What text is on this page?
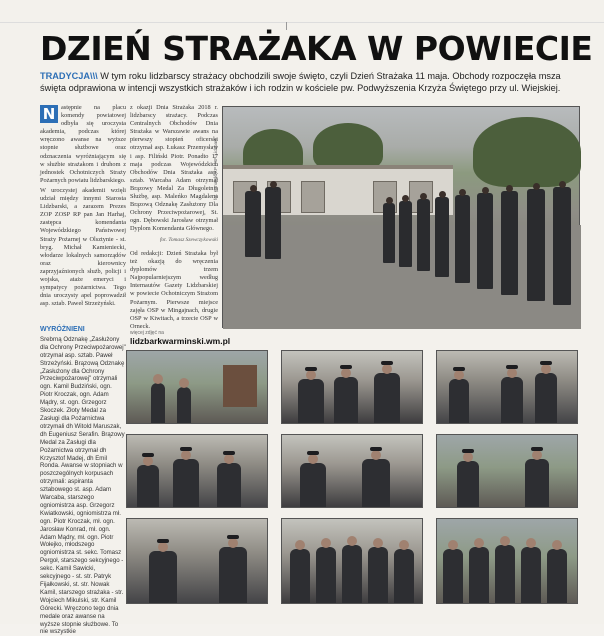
DZIEŃ STRAŻAKA W POWIECIE
TRADYCJA\\\ W tym roku lidzbarscy strażacy obchodzili swoje święto, czyli Dzień Strażaka 11 maja. Obchody rozpoczęła msza święta odprawiona w intencji wszystkich strażaków i ich rodzin w kościele pw. Podwyższenia Krzyża Świętego przy ul. Wiejskiej.
N astępnie na placu komendy powiatowej odbyła się uroczysta akademia, podczas której wręczono awanse na wyższe stopnie służbowe oraz odznaczenia wyróżniającym się w służbie strażakom i druhom z jednostek Ochotniczych Straży Pożarnych powiatu lidzbarskiego.

W uroczystej akademii wzięli udział między innymi Starosta Lidzbarski, a zarazem Prezes ZOP ZOSP RP pan Jan Harhaj, zastępca komendanta Wojewódzkiego Państwowej Straży Pożarnej w Olsztynie - st. bryg. Michał Kamieniecki, włodarze lokalnych samorządów oraz kierownicy zaprzyjaźnionych służb, policji i wojska, ataże emeryci i sympatycy pożarnictwa. Tego dnia uroczysty apel poprowadził asp. sztab. Paweł Strzeżyński.

WYRÓŻNIENI

Srebrną Odznakę „Zasłużony dla Ochrony Przeciwpożarowej" otrzymał asp. sztab. Paweł Strzeżyński. Brązową Odznakę „Zasłużony dla Ochrony Przeciwpożarowej" otrzymali ogn. Kamil Budziński, ogn. Piotr Kroczak, ogn. Adam Mądry, st. ogn. Grzegorz Skoczek. Złoty Medal za Zasługi dla Pożarnictwa otrzymali dh Witold Maruszak, dh Eugeniusz Serafin. Brązowy Medal za Zasługi dla Pożarnictwa otrzymał dh Krzysztof Madej, dh Emil Ronda. Awanse w stopniach w poszczególnych korpusach otrzymali: aspiranta sztabowego st. asp. Adam Warcaba, starszego ogniomistrza asp. Grzegorz Kwiatkowski, ogniomistrza mł. ogn. Piotr Kroczak, mł. ogn. Jarosław Konrad, mł. ogn. Adam Mądry, mł. ogn. Piotr Wołejko, młodszego ogniomistrza st. sekc. Tomasz Pergoł, starszego sekcyjnego - sekc. Kamil Sawicki, sekcyjnego - st. str. Patryk Fijałkowski, st. str. Nowak Kamil, starszego strażaka - str. Wojciech Mikulski, str. Kamil Górecki. Wręczono tego dnia medale oraz awanse na wyższe stopnie służbowe. To nie wszystkie

z okazji Dnia Strażaka 2018 r. lidzbarscy strażacy. Podczas Centralnych Obchodów Dnia Strażaka w Warszawie awans na pierwszy stopień oficerski otrzymał asp. Łukasz Przemysław i asp. Filiński Piotr. Ponadto 17 maja podczas Wojewódzkich Obchodów Dnia Strażaka asp. sztab. Warcaba Adam otrzymał Brązowy Medal Za Długoletnią Służbę, asp. Maleńko Magdalena Brązową Odznakę Zasłużony Dla Ochrony Przeciwpożarowej, St. ogn. Dębowski Jarosław otrzymał Dyplom Komendanta Głównego.

fot. Tomasz Szewczykowski

Od redakcji: Dzień Strażaka był też okazją do wręczenia dyplomów trzem Najpopularniejszym według Internautów Gazety Lidzbarskiej w powiecie Ochotniczym Strażom Pożarnym. Pierwsze miejsce zajęła OSP w Mingajnach, drugie OSP w Kiwitach, a trzecie OSP w Orneck.

więcej zdjęć na
lidzbarkwarminski.wm.pl
fot. Kanarski/KP PSP Lidzbark
